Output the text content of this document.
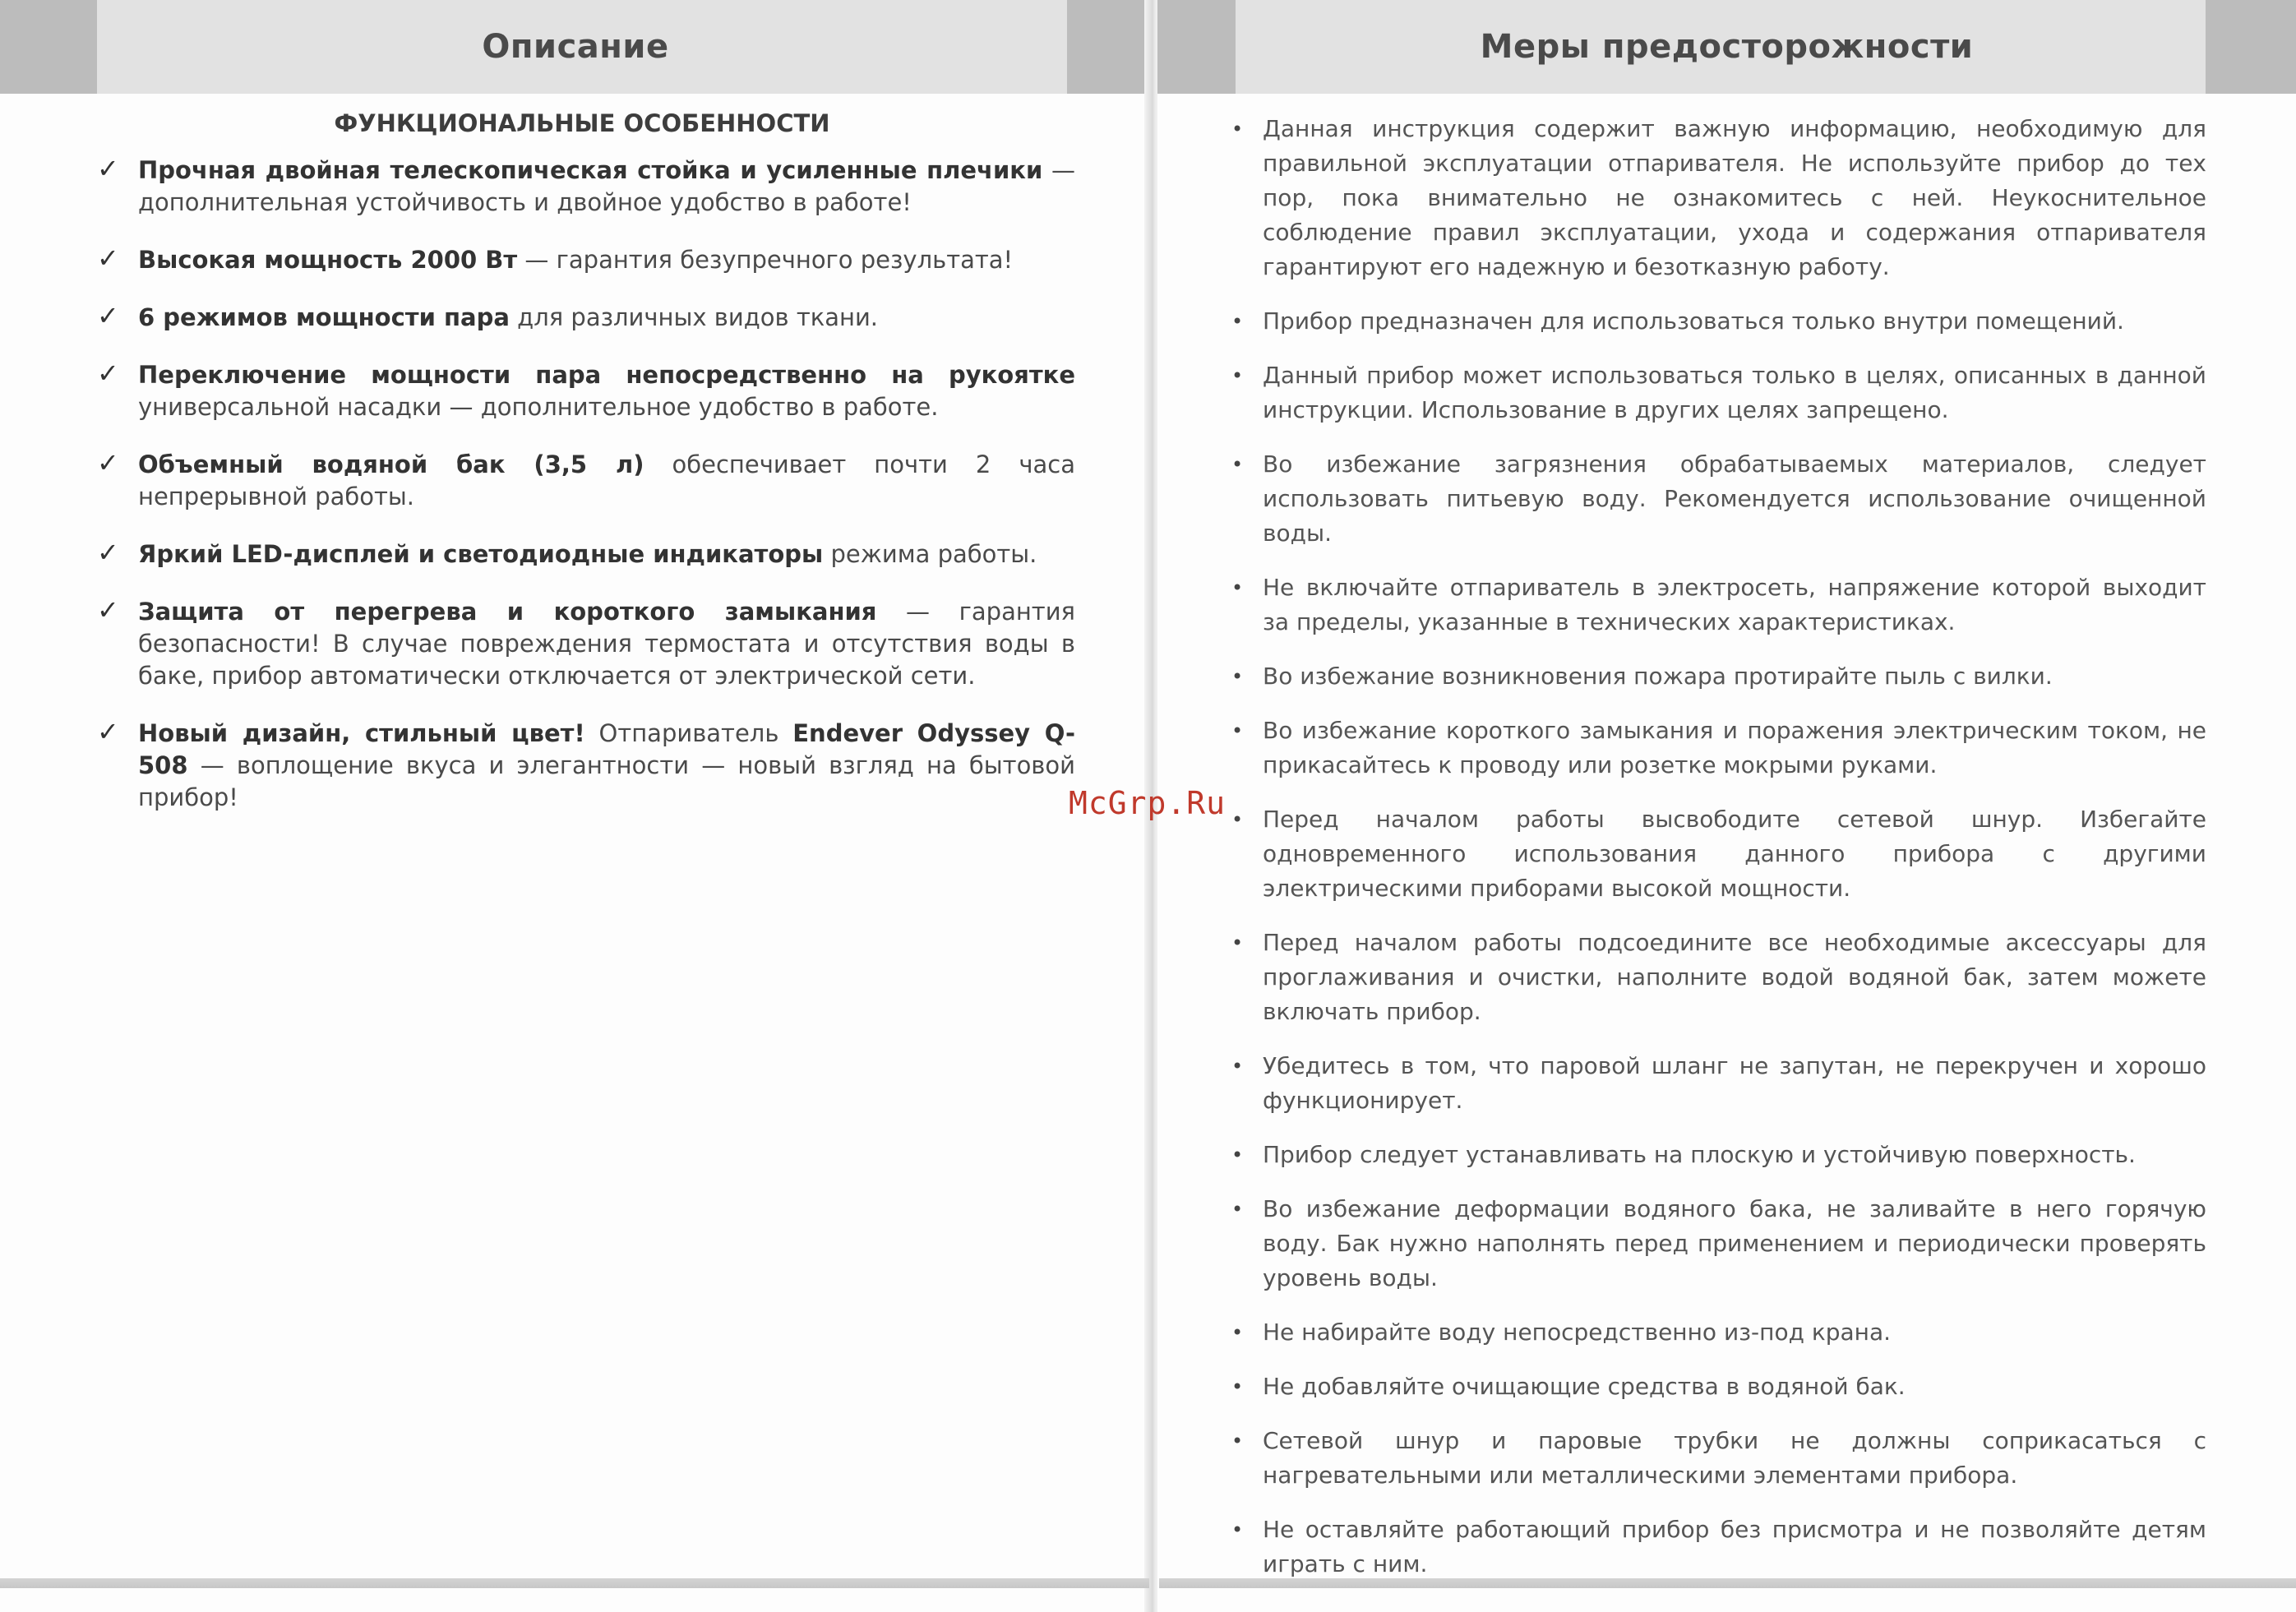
Описание
ФУНКЦИОНАЛЬНЫЕ ОСОБЕННОСТИ
✓ Прочная двойная телескопическая стойка и усиленные плечики — дополнительная устойчивость и двойное удобство в работе!
✓ Высокая мощность 2000 Вт — гарантия безупречного результата!
✓ 6 режимов мощности пара для различных видов ткани.
✓ Переключение мощности пара непосредственно на рукоятке универсальной насадки — дополнительное удобство в работе.
✓ Объемный водяной бак (3,5 л) обеспечивает почти 2 часа непрерывной работы.
✓ Яркий LED-дисплей и светодиодные индикаторы режима работы.
✓ Защита от перегрева и короткого замыкания — гарантия безопасности! В случае повреждения термостата и отсутствия воды в баке, прибор автоматически отключается от электрической сети.
✓ Новый дизайн, стильный цвет! Отпариватель Endever Odyssey Q-508 — воплощение вкуса и элегантности — новый взгляд на бытовой прибор!
Меры предосторожности
• Данная инструкция содержит важную информацию, необходимую для правильной эксплуатации отпаривателя. Не используйте прибор до тех пор, пока внимательно не ознакомитесь с ней. Неукоснительное соблюдение правил эксплуатации, ухода и содержания отпаривателя гарантируют его надежную и безотказную работу.
• Прибор предназначен для использоваться только внутри помещений.
• Данный прибор может использоваться только в целях, описанных в данной инструкции. Использование в других целях запрещено.
• Во избежание загрязнения обрабатываемых материалов, следует использовать питьевую воду. Рекомендуется использование очищенной воды.
• Не включайте отпариватель в электросеть, напряжение которой выходит за пределы, указанные в технических характеристиках.
• Во избежание возникновения пожара протирайте пыль с вилки.
• Во избежание короткого замыкания и поражения электрическим током, не прикасайтесь к проводу или розетке мокрыми руками.
• Перед началом работы высвободите сетевой шнур. Избегайте одновременного использования данного прибора с другими электрическими приборами высокой мощности.
• Перед началом работы подсоедините все необходимые аксессуары для проглаживания и очистки, наполните водой водяной бак, затем можете включать прибор.
• Убедитесь в том, что паровой шланг не запутан, не перекручен и хорошо функционирует.
• Прибор следует устанавливать на плоскую и устойчивую поверхность.
• Во избежание деформации водяного бака, не заливайте в него горячую воду. Бак нужно наполнять перед применением и периодически проверять уровень воды.
• Не набирайте воду непосредственно из-под крана.
• Не добавляйте очищающие средства в водяной бак.
• Сетевой шнур и паровые трубки не должны соприкасаться с нагревательными или металлическими элементами прибора.
• Не оставляйте работающий прибор без присмотра и не позволяйте детям играть с ним.
McGrp.Ru
